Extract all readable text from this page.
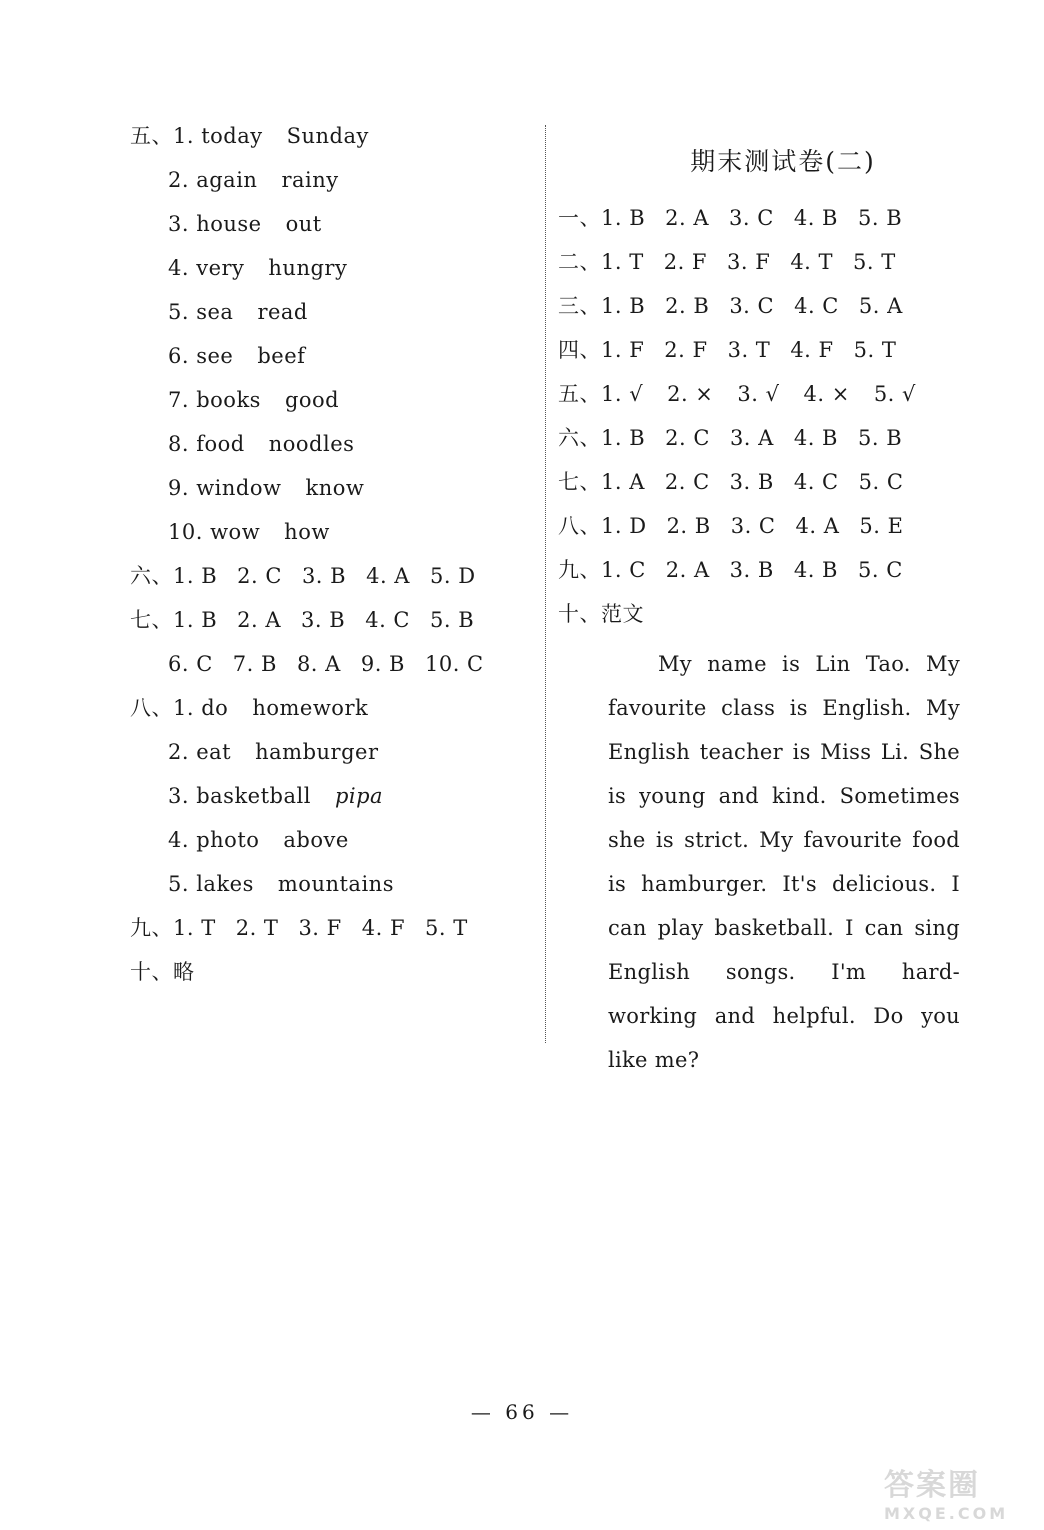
五、1. today Sunday
2. again rainy
3. house out
4. very hungry
5. sea read
6. see beef
7. books good
8. food noodles
9. window know
10. wow how
六、1. B 2. C 3. B 4. A 5. D
七、1. B 2. A 3. B 4. C 5. B
6. C 7. B 8. A 9. B 10. C
八、1. do homework
2. eat hamburger
3. basketball pipa
4. photo above
5. lakes mountains
九、1. T 2. T 3. F 4. F 5. T
十、略
期末测试卷(二)
一、1. B 2. A 3. C 4. B 5. B
二、1. T 2. F 3. F 4. T 5. T
三、1. B 2. B 3. C 4. C 5. A
四、1. F 2. F 3. T 4. F 5. T
五、1. √ 2. × 3. √ 4. × 5. √
六、1. B 2. C 3. A 4. B 5. B
七、1. A 2. C 3. B 4. C 5. C
八、1. D 2. B 3. C 4. A 5. E
九、1. C 2. A 3. B 4. B 5. C
十、范文
My name is Lin Tao. My favourite class is English. My English teacher is Miss Li. She is young and kind. Sometimes she is strict. My favourite food is hamburger. It's delicious. I can play basketball. I can sing English songs. I'm hard-working and helpful. Do you like me?
— 66 —
答案圈
MXQE.COM
